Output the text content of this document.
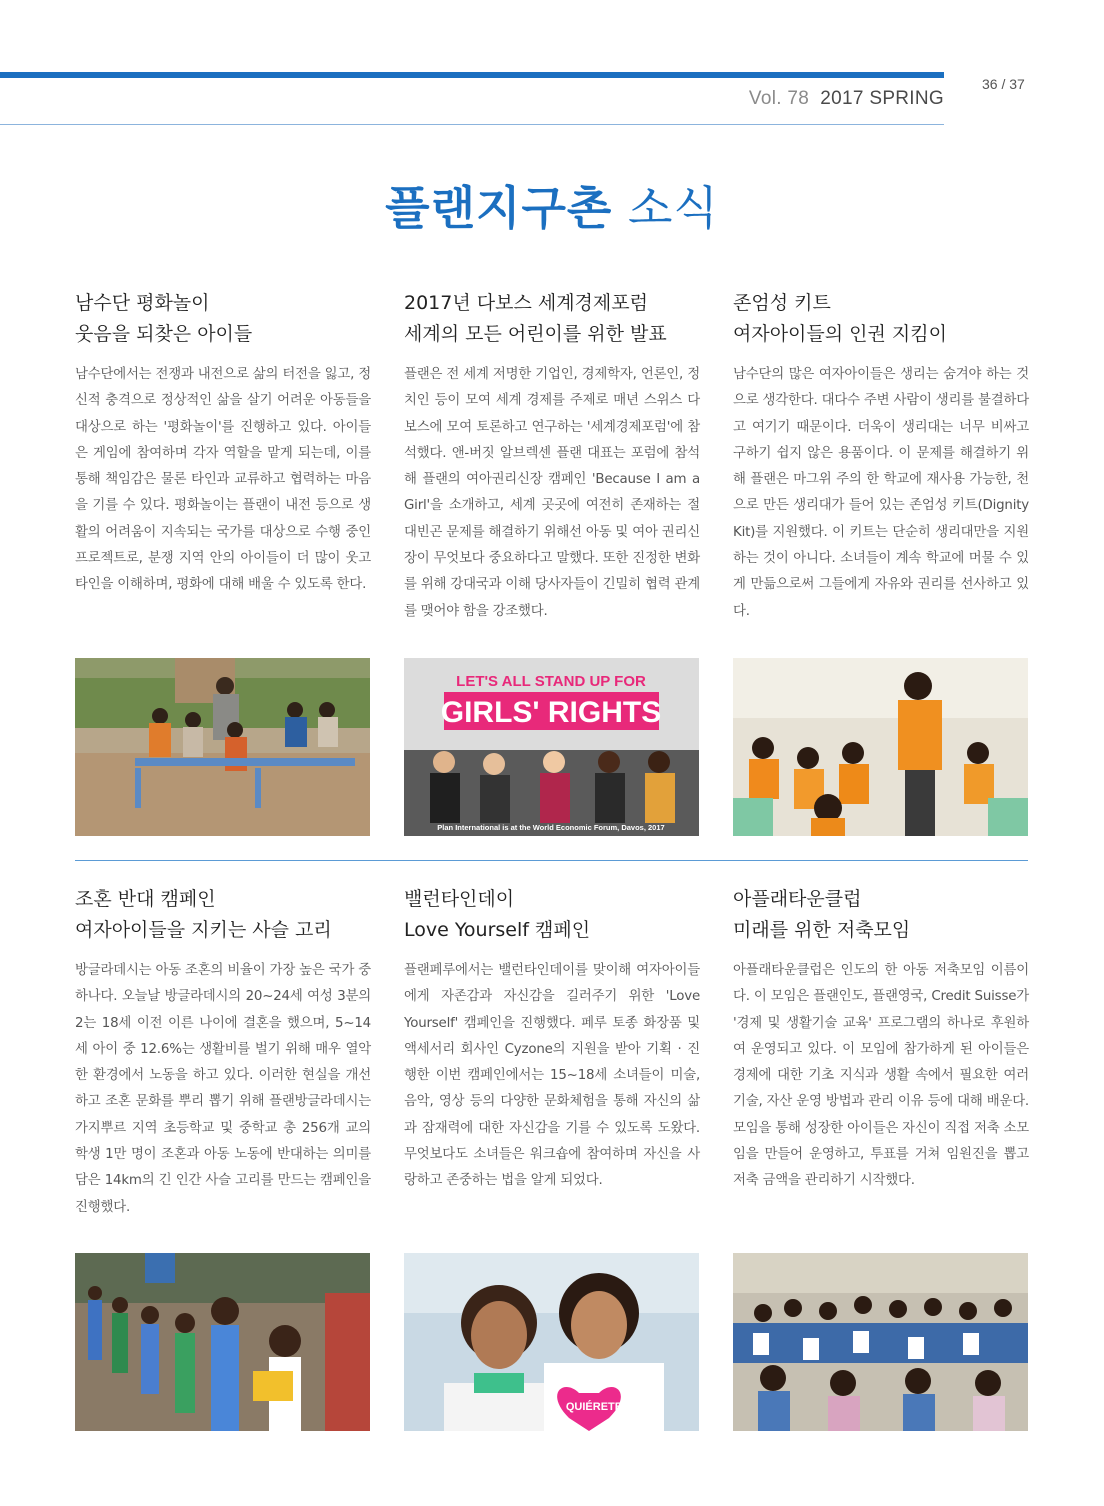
Vol. 78 2017 SPRING
36 / 37
플랜지구촌 소식
남수단 평화놀이
웃음을 되찾은 아이들

남수단에서는 전쟁과 내전으로 삶의 터전을 잃고, 정신적 충격으로 정상적인 삶을 살기 어려운 아동들을 대상으로 하는 '평화놀이'를 진행하고 있다. 아이들은 게임에 참여하며 각자 역할을 맡게 되는데, 이를 통해 책임감은 물론 타인과 교류하고 협력하는 마음을 기를 수 있다. 평화놀이는 플랜이 내전 등으로 생활의 어려움이 지속되는 국가를 대상으로 수행 중인 프로젝트로, 분쟁 지역 안의 아이들이 더 많이 웃고 타인을 이해하며, 평화에 대해 배울 수 있도록 한다.

2017년 다보스 세계경제포럼
세계의 모든 어린이를 위한 발표

플랜은 전 세계 저명한 기업인, 경제학자, 언론인, 정치인 등이 모여 세계 경제를 주제로 매년 스위스 다보스에 모여 토론하고 연구하는 '세계경제포럼'에 참석했다. 앤-버짓 알브렉센 플랜 대표는 포럼에 참석해 플랜의 여아권리신장 캠페인 'Because I am a Girl'을 소개하고, 세계 곳곳에 여전히 존재하는 절대빈곤 문제를 해결하기 위해선 아동 및 여아 권리신장이 무엇보다 중요하다고 말했다. 또한 진정한 변화를 위해 강대국과 이해 당사자들이 긴밀히 협력 관계를 맺어야 함을 강조했다.

존엄성 키트
여자아이들의 인권 지킴이

남수단의 많은 여자아이들은 생리는 숨겨야 하는 것으로 생각한다. 대다수 주변 사람이 생리를 불결하다고 여기기 때문이다. 더욱이 생리대는 너무 비싸고 구하기 쉽지 않은 용품이다. 이 문제를 해결하기 위해 플랜은 마그위 주의 한 학교에 재사용 가능한, 천으로 만든 생리대가 들어 있는 존엄성 키트(Dignity Kit)를 지원했다. 이 키트는 단순히 생리대만을 지원하는 것이 아니다. 소녀들이 계속 학교에 머물 수 있게 만듦으로써 그들에게 자유와 권리를 선사하고 있다.

LET'S ALL STAND UP FOR
GIRLS' RIGHTS
Plan International is at the World Economic Forum, Davos, 2017
조혼 반대 캠페인
여자아이들을 지키는 사슬 고리

방글라데시는 아동 조혼의 비율이 가장 높은 국가 중 하나다. 오늘날 방글라데시의 20~24세 여성 3분의 2는 18세 이전 이른 나이에 결혼을 했으며, 5~14세 아이 중 12.6%는 생활비를 벌기 위해 매우 열악한 환경에서 노동을 하고 있다. 이러한 현실을 개선하고 조혼 문화를 뿌리 뽑기 위해 플랜방글라데시는 가지뿌르 지역 초등학교 및 중학교 총 256개 교의 학생 1만 명이 조혼과 아동 노동에 반대하는 의미를 담은 14km의 긴 인간 사슬 고리를 만드는 캠페인을 진행했다.

밸런타인데이
Love Yourself 캠페인

플랜페루에서는 밸런타인데이를 맞이해 여자아이들에게 자존감과 자신감을 길러주기 위한 'Love Yourself' 캠페인을 진행했다. 페루 토종 화장품 및 액세서리 회사인 Cyzone의 지원을 받아 기획 · 진행한 이번 캠페인에서는 15~18세 소녀들이 미술, 음악, 영상 등의 다양한 문화체험을 통해 자신의 삶과 잠재력에 대한 자신감을 기를 수 있도록 도왔다. 무엇보다도 소녀들은 워크숍에 참여하며 자신을 사랑하고 존중하는 법을 알게 되었다.

아플래타운클럽
미래를 위한 저축모임

아플래타운클럽은 인도의 한 아동 저축모임 이름이다. 이 모임은 플랜인도, 플랜영국, Credit Suisse가 '경제 및 생활기술 교육' 프로그램의 하나로 후원하여 운영되고 있다. 이 모임에 참가하게 된 아이들은 경제에 대한 기초 지식과 생활 속에서 필요한 여러 기술, 자산 운영 방법과 관리 이유 등에 대해 배운다. 모임을 통해 성장한 아이들은 자신이 직접 저축 소모임을 만들어 운영하고, 투표를 거쳐 임원진을 뽑고 저축 금액을 관리하기 시작했다.

QUIÉRETE
